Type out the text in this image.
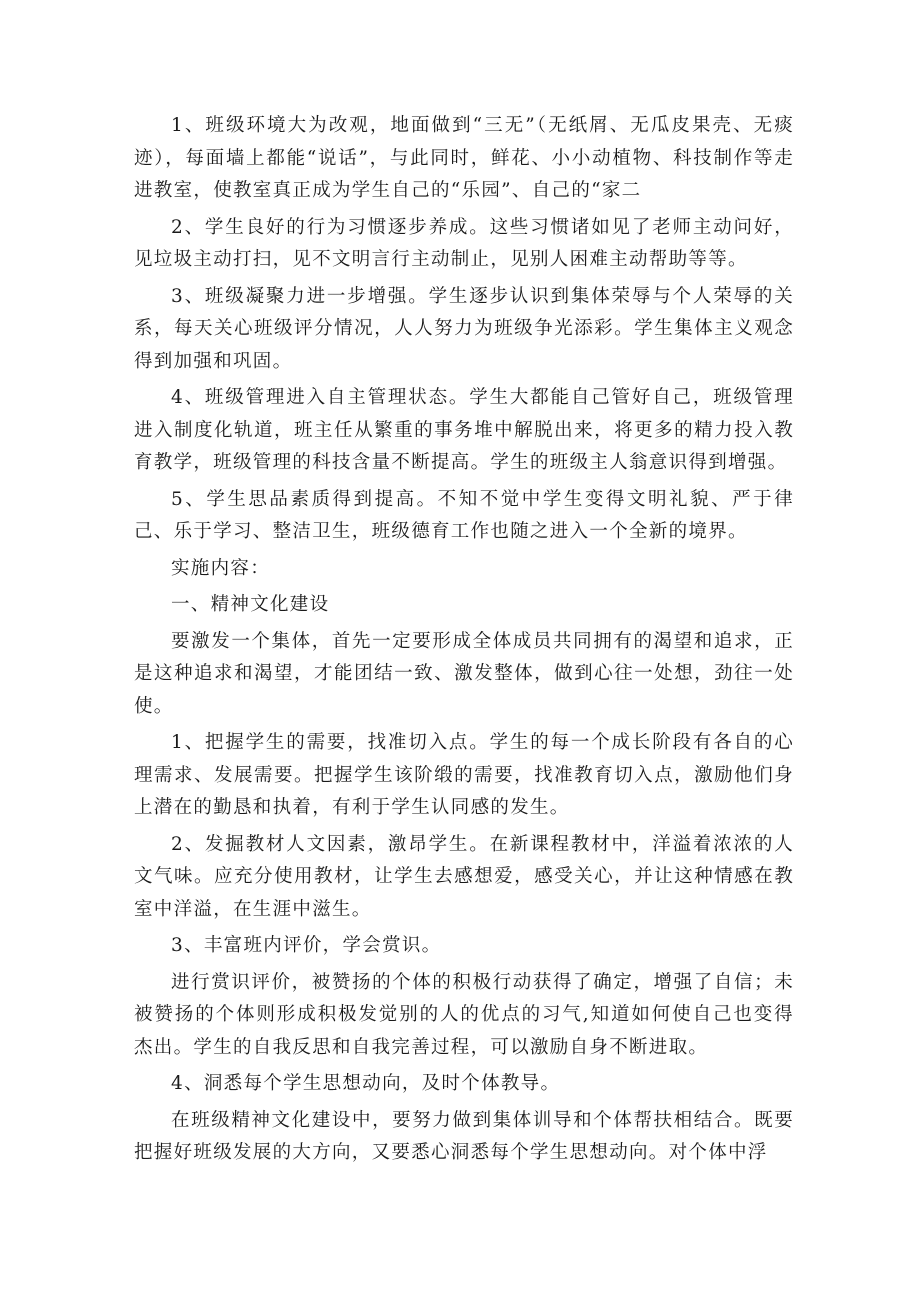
1、班级环境大为改观，地面做到“三无”（无纸屑、无瓜皮果壳、无痰迹），每面墙上都能“说话”，与此同时，鲜花、小小动植物、科技制作等走进教室，使教室真正成为学生自己的“乐园”、自己的“家二

2、学生良好的行为习惯逐步养成。这些习惯诸如见了老师主动问好，见垃圾主动打扫，见不文明言行主动制止，见别人困难主动帮助等等。

3、班级凝聚力进一步增强。学生逐步认识到集体荣辱与个人荣辱的关系，每天关心班级评分情况，人人努力为班级争光添彩。学生集体主义观念得到加强和巩固。

4、班级管理进入自主管理状态。学生大都能自己管好自己，班级管理进入制度化轨道，班主任从繁重的事务堆中解脱出来，将更多的精力投入教育教学，班级管理的科技含量不断提高。学生的班级主人翁意识得到增强。

5、学生思品素质得到提高。不知不觉中学生变得文明礼貌、严于律己、乐于学习、整洁卫生，班级德育工作也随之进入一个全新的境界。

实施内容：

一、精神文化建设

要激发一个集体，首先一定要形成全体成员共同拥有的渴望和追求，正是这种追求和渴望，才能团结一致、激发整体，做到心往一处想，劲往一处使。

1、把握学生的需要，找准切入点。学生的每一个成长阶段有各自的心理需求、发展需要。把握学生该阶缎的需要，找准教育切入点，激励他们身上潜在的勤恳和执着，有利于学生认同感的发生。

2、发掘教材人文因素，激昂学生。在新课程教材中，洋溢着浓浓的人文气味。应充分使用教材，让学生去感想爱，感受关心，并让这种情感在教室中洋溢，在生涯中滋生。

3、丰富班内评价，学会赏识。

进行赏识评价，被赞扬的个体的积极行动获得了确定，增强了自信；未被赞扬的个体则形成积极发觉别的人的优点的习气,知道如何使自己也变得杰出。学生的自我反思和自我完善过程，可以激励自身不断进取。

4、洞悉每个学生思想动向，及时个体教导。

在班级精神文化建设中，要努力做到集体训导和个体帮扶相结合。既要把握好班级发展的大方向，又要悉心洞悉每个学生思想动向。对个体中浮
